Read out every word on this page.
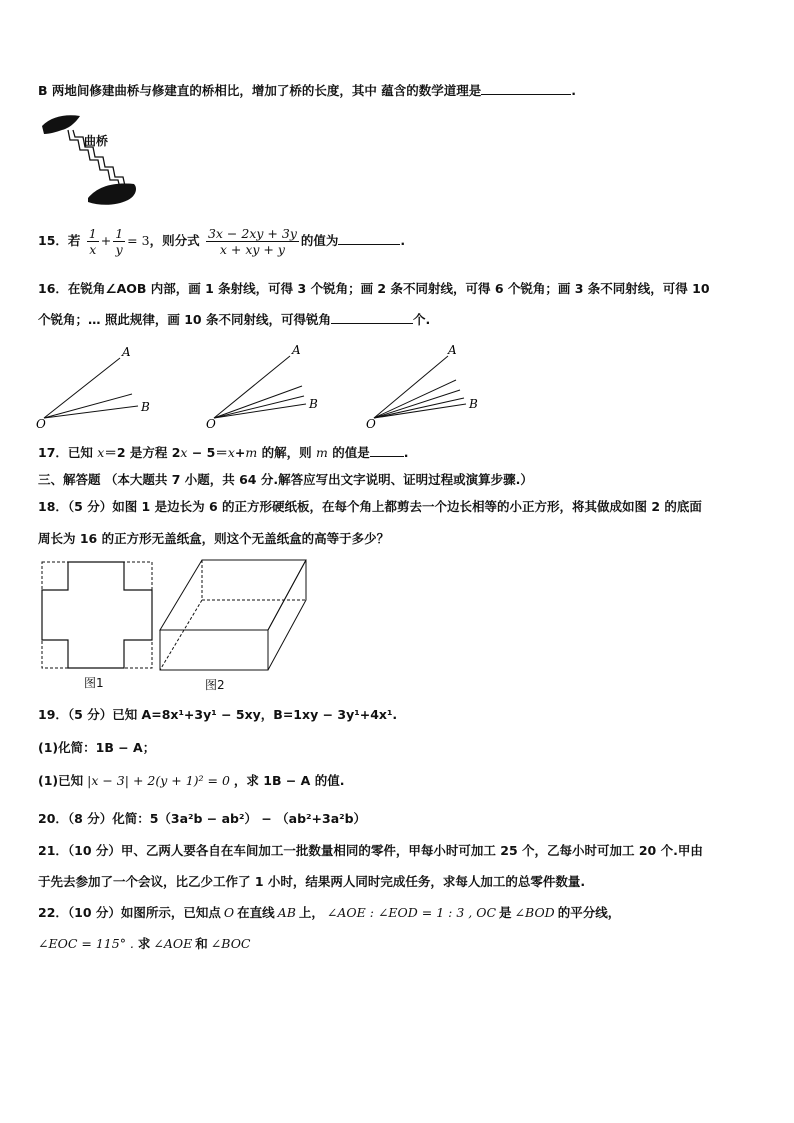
B 两地间修建曲桥与修建直的桥相比，增加了桥的长度，其中 蕴含的数学道理是	.
曲桥
15．若 $\frac{1}{x} + \frac{1}{y} = 3$，则分式 $\frac{3x - 2xy + 3y}{x + xy + y}$ 的值为	.
16．在锐角∠AOB 内部，画 1 条射线，可得 3 个锐角；画 2 条不同射线，可得 6 个锐角；画 3 条不同射线，可得 10
个锐角；… 照此规律，画 10 条不同射线，可得锐角	个.
A
B
O
A
B
O
A
B
O
17．已知 x＝2 是方程 2x − 5＝x+m 的解，则 m 的值是	.
三、解答题 （本大题共 7 小题，共 64 分.解答应写出文字说明、证明过程或演算步骤.）
18．（5 分）如图 1 是边长为 6 的正方形硬纸板，在每个角上都剪去一个边长相等的小正方形，将其做成如图 2 的底面
周长为 16 的正方形无盖纸盒，则这个无盖纸盒的高等于多少？
图1	图2
19．（5 分）已知 A=8x¹+3y¹ − 5xy，B=1xy − 3y¹+4x¹.
(1)化简：1B − A；
(1)已知 |x − 3| + 2(y + 1)² = 0 ，求 1B − A 的值.
20．（8 分）化简：5（3a²b − ab²） − （ab²+3a²b）
21．（10 分）甲、乙两人要各自在车间加工一批数量相同的零件，甲每小时可加工 25 个，乙每小时可加工 20 个.甲由
于先去参加了一个会议，比乙少工作了 1 小时，结果两人同时完成任务，求每人加工的总零件数量.
22．（10 分）如图所示，已知点 O 在直线 AB 上， ∠AOE : ∠EOD = 1 : 3 , OC 是 ∠BOD 的平分线，
∠EOC = 115° . 求 ∠AOE 和 ∠BOC
